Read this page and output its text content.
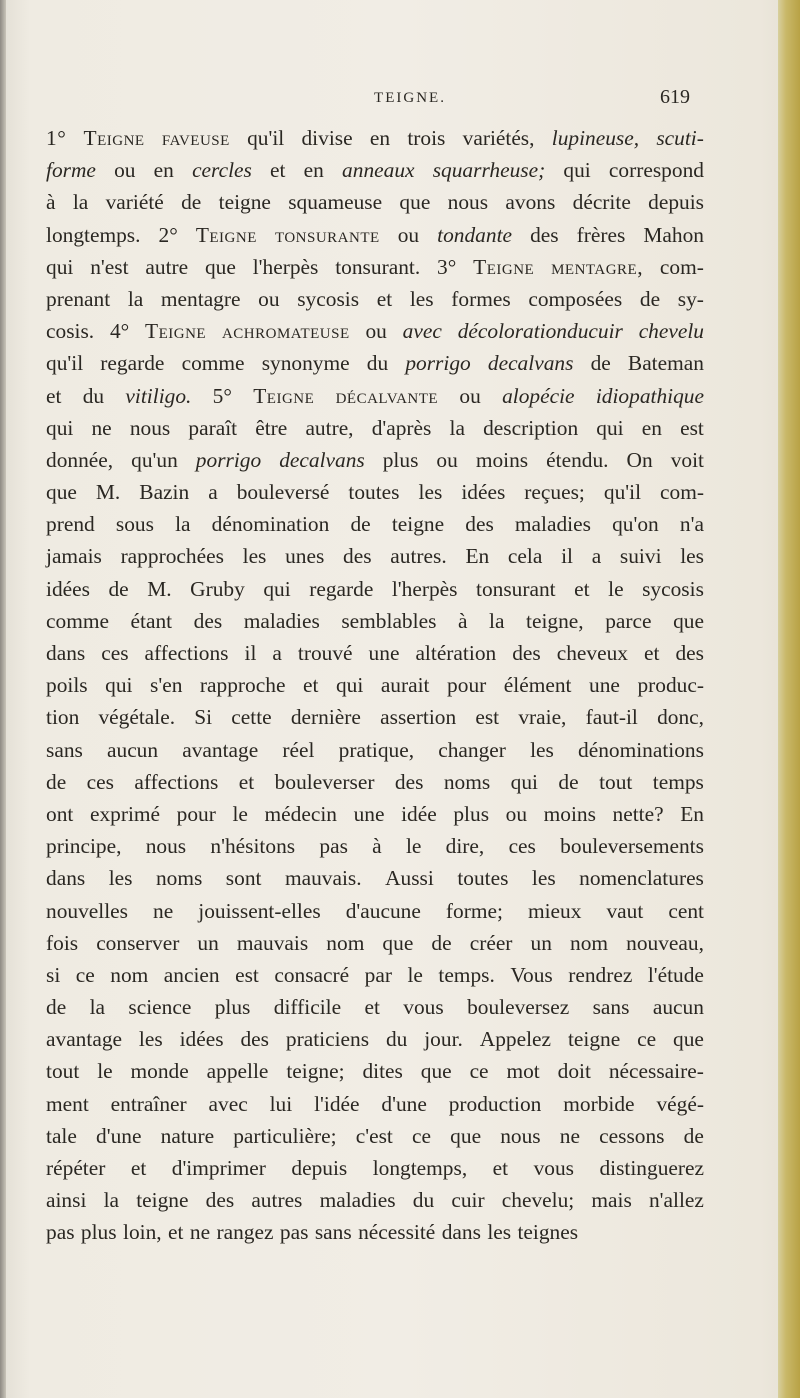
TEIGNE.	619
1° Teigne faveuse qu'il divise en trois variétés, lupineuse, scuti-
forme ou en cercles et en anneaux squarrheuse; qui correspond
à la variété de teigne squameuse que nous avons décrite depuis
longtemps. 2° Teigne tonsurante ou tondante des frères Mahon
qui n'est autre que l'herpès tonsurant. 3° Teigne mentagre, com-
prenant la mentagre ou sycosis et les formes composées de sy-
cosis. 4° Teigne achromateuse ou avec décolorationducuir chevelu
qu'il regarde comme synonyme du porrigo decalvans de Bateman
et du vitiligo. 5° Teigne décalvante ou alopécie idiopathique
qui ne nous paraît être autre, d'après la description qui en est
donnée, qu'un porrigo decalvans plus ou moins étendu. On voit
que M. Bazin a bouleversé toutes les idées reçues; qu'il com-
prend sous la dénomination de teigne des maladies qu'on n'a
jamais rapprochées les unes des autres. En cela il a suivi les
idées de M. Gruby qui regarde l'herpès tonsurant et le sycosis
comme étant des maladies semblables à la teigne, parce que
dans ces affections il a trouvé une altération des cheveux et des
poils qui s'en rapproche et qui aurait pour élément une produc-
tion végétale. Si cette dernière assertion est vraie, faut-il donc,
sans aucun avantage réel pratique, changer les dénominations
de ces affections et bouleverser des noms qui de tout temps
ont exprimé pour le médecin une idée plus ou moins nette? En
principe, nous n'hésitons pas à le dire, ces bouleversements
dans les noms sont mauvais. Aussi toutes les nomenclatures
nouvelles ne jouissent-elles d'aucune forme; mieux vaut cent
fois conserver un mauvais nom que de créer un nom nouveau,
si ce nom ancien est consacré par le temps. Vous rendrez l'étude
de la science plus difficile et vous bouleversez sans aucun
avantage les idées des praticiens du jour. Appelez teigne ce que
tout le monde appelle teigne; dites que ce mot doit nécessaire-
ment entraîner avec lui l'idée d'une production morbide végé-
tale d'une nature particulière; c'est ce que nous ne cessons de
répéter et d'imprimer depuis longtemps, et vous distinguerez
ainsi la teigne des autres maladies du cuir chevelu; mais n'allez
pas plus loin, et ne rangez pas sans nécessité dans les teignes
